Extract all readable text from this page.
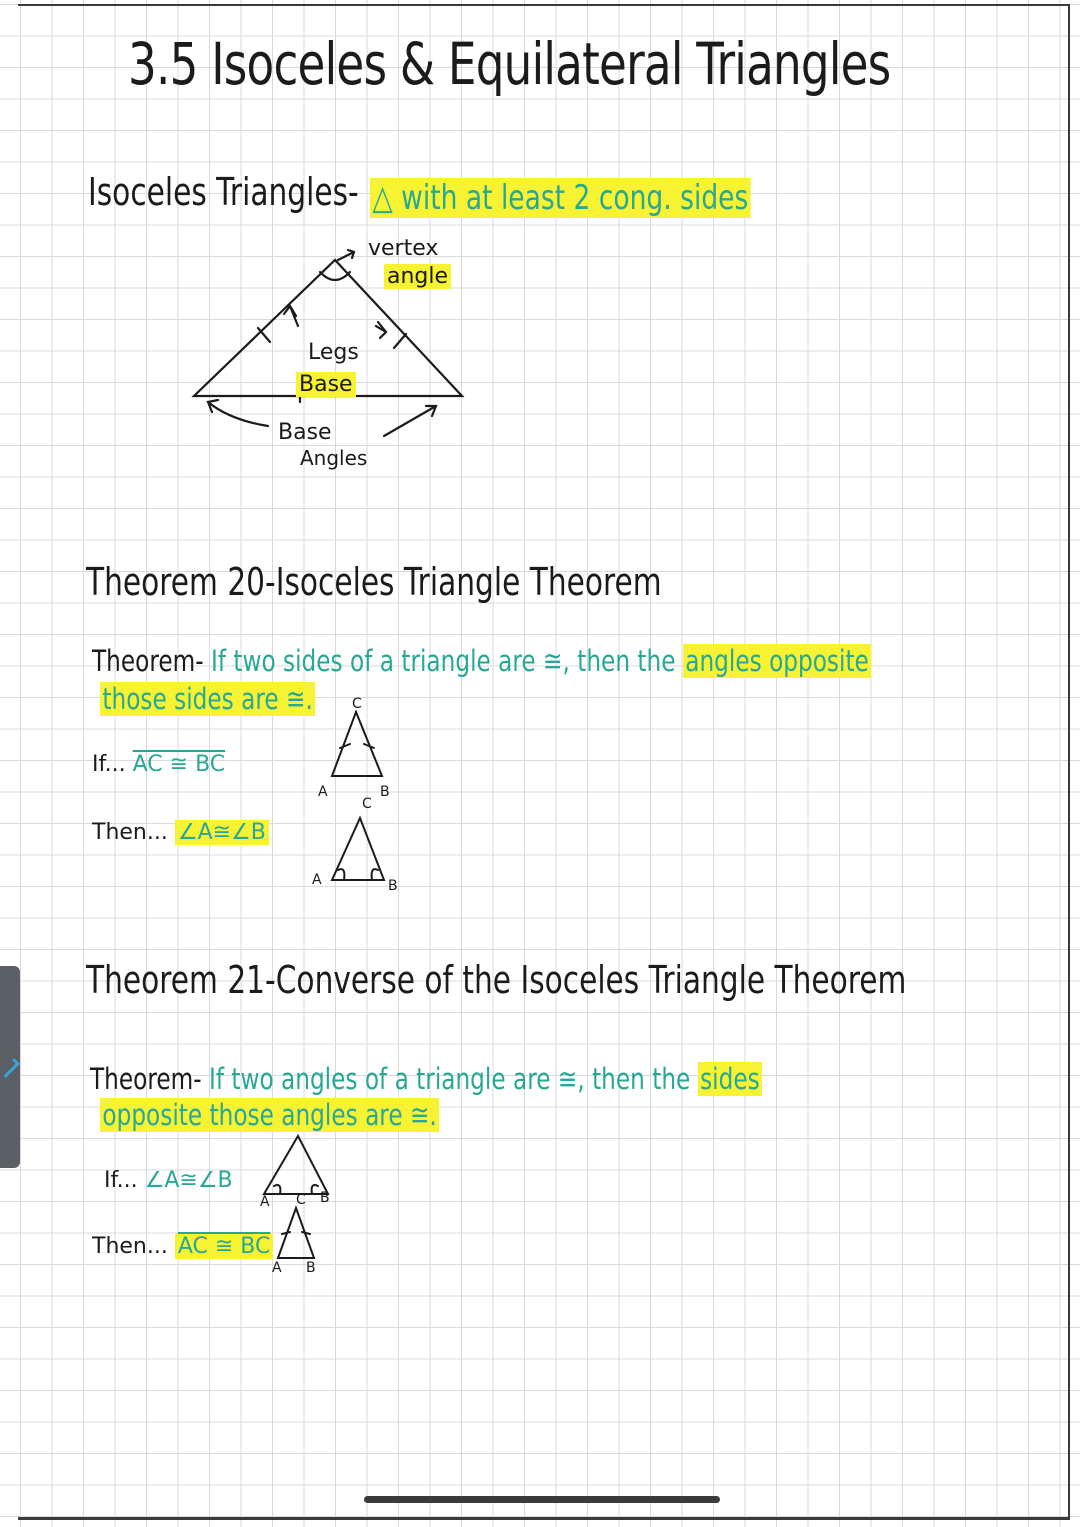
3.5 Isoceles & Equilateral Triangles
Isoceles Triangles- △ with at least 2 cong. sides
vertex
angle
Legs
Base
Base
Angles
Theorem 20-Isoceles Triangle Theorem
Theorem- If two sides of a triangle are ≅, then the angles opposite
those sides are ≅.
If... AC ≅ BC
Then... ∠A≅∠B
C
A	B
C
A	B
Theorem 21-Converse of the Isoceles Triangle Theorem
Theorem- If two angles of a triangle are ≅, then the sides
opposite those angles are ≅.
If... ∠A≅∠B
Then... AC ≅ BC
A	B
C
A B
